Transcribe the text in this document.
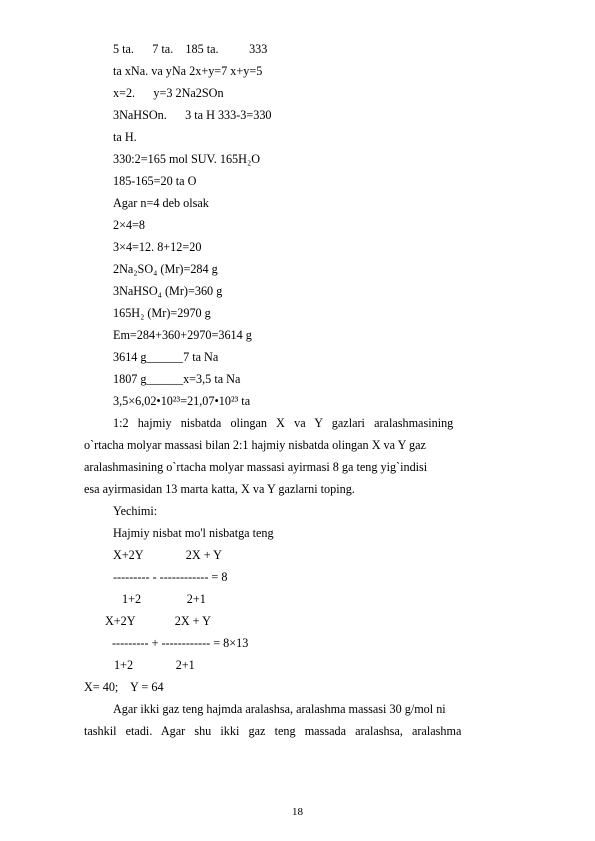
5 ta.      7 ta.    185 ta.          333
ta xNa. va yNa 2x+y=7 x+y=5
x=2.      y=3 2Na2SOn
3NaHSOn.      3 ta H 333-3=330
ta H.
330:2=165 mol SUV. 165H₂O
185-165=20 ta O
Agar n=4 deb olsak
2×4=8
3×4=12. 8+12=20
2Na₂SO₄ (Mr)=284 g
3NaHSO₄ (Mr)=360 g
165H₂ (Mr)=2970 g
Em=284+360+2970=3614 g
3614 g______7 ta Na
1807 g______x=3,5 ta Na
3,5×6,02•10²³=21,07•10²³ ta
1:2   hajmiy   nisbatda   olingan   X   va   Y   gazlari   aralashmasining
o`rtacha molyar massasi bilan 2:1 hajmiy nisbatda olingan X va Y gaz
aralashmasining o`rtacha molyar massasi ayirmasi 8 ga teng yig`indisi
esa ayirmasidan 13 marta katta, X va Y gazlarni toping.
Yechimi:
Hajmiy nisbat mo'l nisbatga teng
X+2Y              2X + Y
--------- - ------------ = 8
1+2               2+1
X+2Y             2X + Y
--------- + ------------ = 8×13
1+2              2+1
X= 40;    Y = 64
Agar ikki gaz teng hajmda aralashsa, aralashma massasi 30 g/mol ni
tashkil   etadi.   Agar   shu   ikki   gaz   teng   massada   aralashsa,   aralashma
18
